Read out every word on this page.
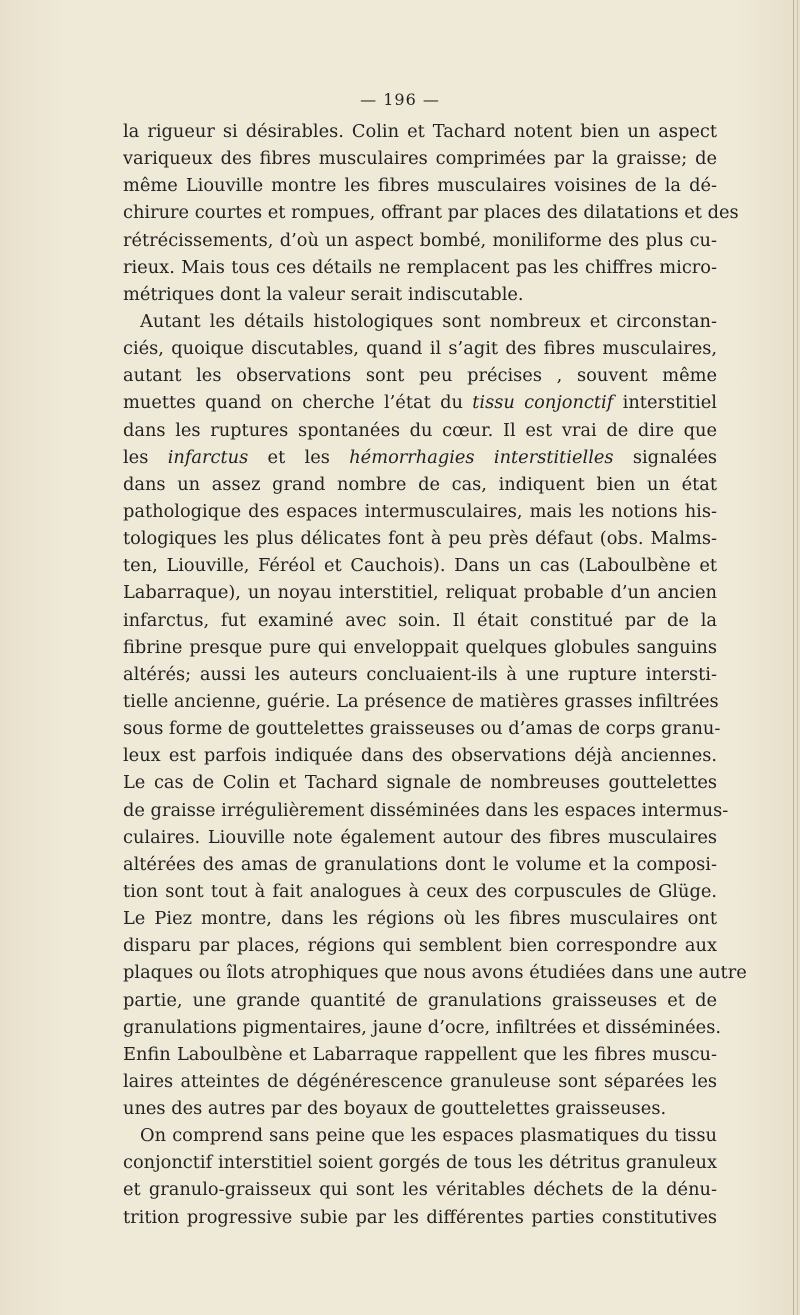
— 196 —
la rigueur si désirables. Colin et Tachard notent bien un aspect
variqueux des fibres musculaires comprimées par la graisse; de
même Liouville montre les fibres musculaires voisines de la dé-
chirure courtes et rompues, offrant par places des dilatations et des
rétrécissements, d’où un aspect bombé, moniliforme des plus cu-
rieux. Mais tous ces détails ne remplacent pas les chiffres micro-
métriques dont la valeur serait indiscutable.
Autant les détails histologiques sont nombreux et circonstan-
ciés, quoique discutables, quand il s’agit des fibres musculaires,
autant les observations sont peu précises , souvent même
muettes quand on cherche l’état du tissu conjonctif interstitiel
dans les ruptures spontanées du cœur. Il est vrai de dire que
les infarctus et les hémorrhagies interstitielles signalées
dans un assez grand nombre de cas, indiquent bien un état
pathologique des espaces intermusculaires, mais les notions his-
tologiques les plus délicates font à peu près défaut (obs. Malms-
ten, Liouville, Féréol et Cauchois). Dans un cas (Laboulbène et
Labarraque), un noyau interstitiel, reliquat probable d’un ancien
infarctus, fut examiné avec soin. Il était constitué par de la
fibrine presque pure qui enveloppait quelques globules sanguins
altérés; aussi les auteurs concluaient-ils à une rupture intersti-
tielle ancienne, guérie. La présence de matières grasses infiltrées
sous forme de gouttelettes graisseuses ou d’amas de corps granu-
leux est parfois indiquée dans des observations déjà anciennes.
Le cas de Colin et Tachard signale de nombreuses gouttelettes
de graisse irrégulièrement disséminées dans les espaces intermus-
culaires. Liouville note également autour des fibres musculaires
altérées des amas de granulations dont le volume et la composi-
tion sont tout à fait analogues à ceux des corpuscules de Glüge.
Le Piez montre, dans les régions où les fibres musculaires ont
disparu par places, régions qui semblent bien correspondre aux
plaques ou îlots atrophiques que nous avons étudiées dans une autre
partie, une grande quantité de granulations graisseuses et de
granulations pigmentaires, jaune d’ocre, infiltrées et disséminées.
Enfin Laboulbène et Labarraque rappellent que les fibres muscu-
laires atteintes de dégénérescence granuleuse sont séparées les
unes des autres par des boyaux de gouttelettes graisseuses.
On comprend sans peine que les espaces plasmatiques du tissu
conjonctif interstitiel soient gorgés de tous les détritus granuleux
et granulo-graisseux qui sont les véritables déchets de la dénu-
trition progressive subie par les différentes parties constitutives
